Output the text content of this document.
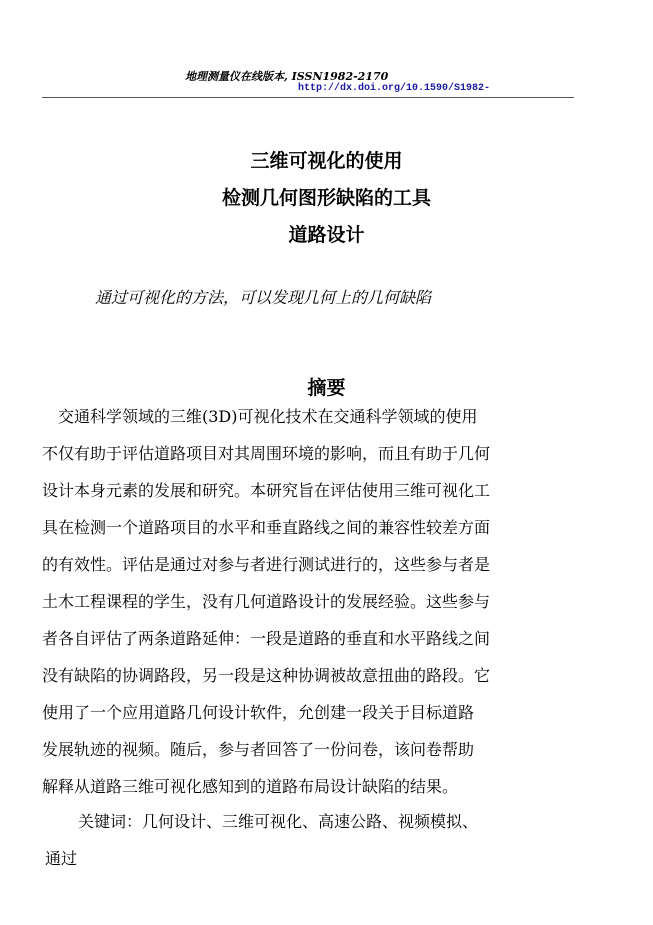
地理测量仪在线版本, ISSN1982-2170
http://dx.doi.org/10.1590/S1982-
三维可视化的使用
检测几何图形缺陷的工具
道路设计
通过可视化的方法，可以发现几何上的几何缺陷
摘要
　交通科学领域的三维(3D)可视化技术在交通科学领域的使用
不仅有助于评估道路项目对其周围环境的影响，而且有助于几何
设计本身元素的发展和研究。本研究旨在评估使用三维可视化工
具在检测一个道路项目的水平和垂直路线之间的兼容性较差方面
的有效性。评估是通过对参与者进行测试进行的，这些参与者是
土木工程课程的学生，没有几何道路设计的发展经验。这些参与
者各自评估了两条道路延伸：一段是道路的垂直和水平路线之间
没有缺陷的协调路段，另一段是这种协调被故意扭曲的路段。它
使用了一个应用道路几何设计软件，允创建一段关于目标道路
发展轨迹的视频。随后，参与者回答了一份问卷，该问卷帮助
解释从道路三维可视化感知到的道路布局设计缺陷的结果。
　关键词：几何设计、三维可视化、高速公路、视频模拟、
通过
